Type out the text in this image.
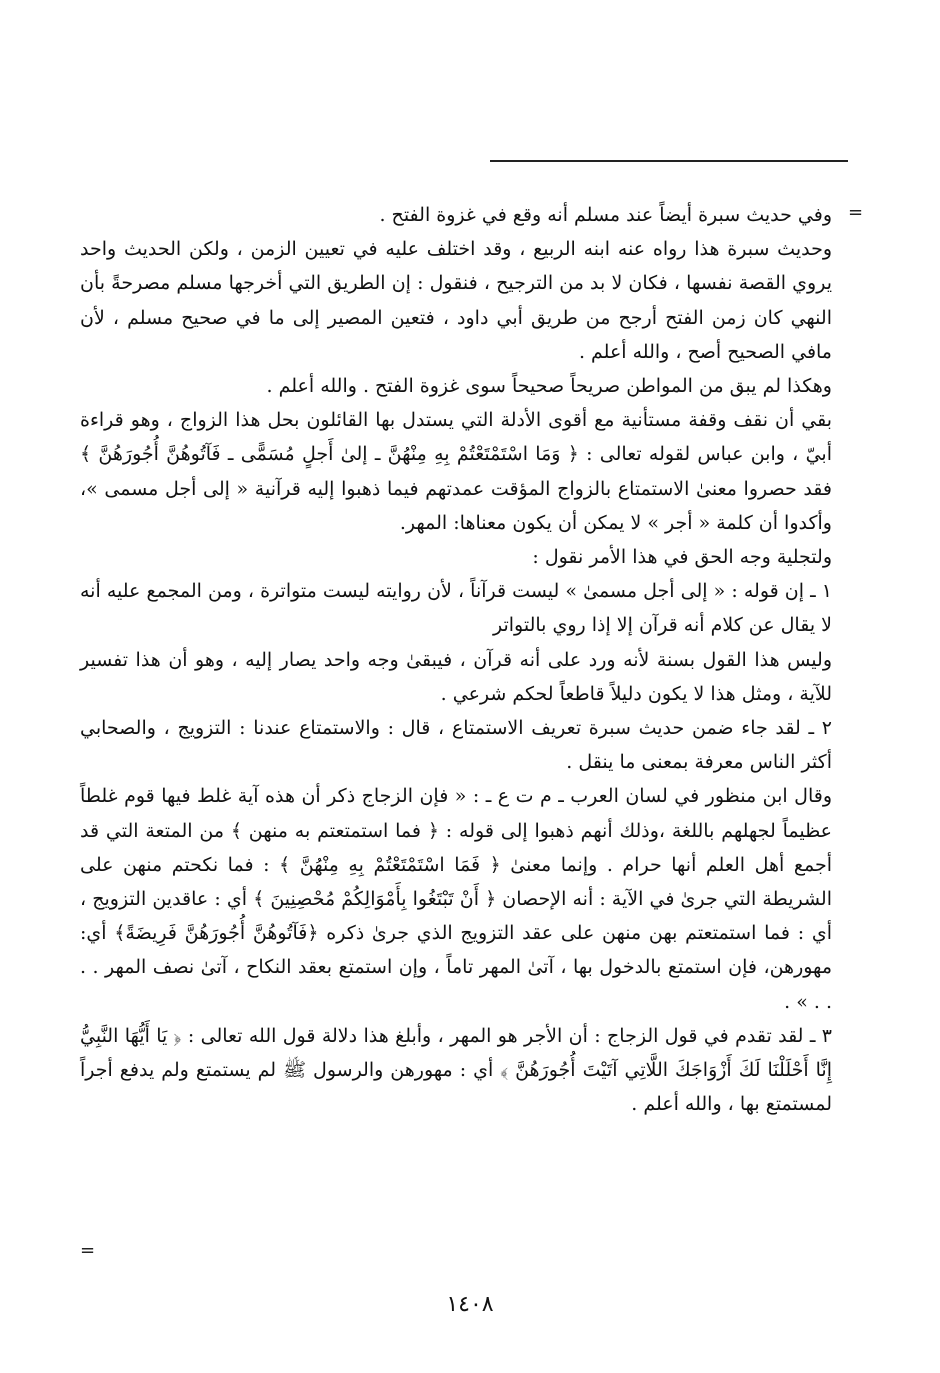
=

وفي حديث سبرة أيضاً عند مسلم أنه وقع في غزوة الفتح .

وحديث سبرة هذا رواه عنه ابنه الربيع ، وقد اختلف عليه في تعيين الزمن ، ولكن الحديث واحد يروي القصة نفسها ، فكان لا بد من الترجيح ، فنقول : إن الطريق التي أخرجها مسلم مصرحةً بأن النهي كان زمن الفتح أرجح من طريق أبي داود ، فتعين المصير إلى ما في صحيح مسلم ، لأن مافي الصحيح أصح ، والله أعلم .

وهكذا لم يبق من المواطن صريحاً صحيحاً سوى غزوة الفتح . والله أعلم .

بقي أن نقف وقفة مستأنية مع أقوى الأدلة التي يستدل بها القائلون بحل هذا الزواج ، وهو قراءة أبيّ ، وابن عباس لقوله تعالى : ﴿ وَمَا اسْتَمْتَعْتُمْ بِهِ مِنْهُنَّ ـ إلىٰ أَجلٍ مُسَمًّى ـ فَآتُوهُنَّ أُجُورَهُنَّ ﴾ فقد حصروا معنىٰ الاستمتاع بالزواج المؤقت عمدتهم فيما ذهبوا إليه قرآنية « إلى أجل مسمى »، وأكدوا أن كلمة « أجر » لا يمكن أن يكون معناها: المهر.

ولتجلية وجه الحق في هذا الأمر نقول :

١ ـ إن قوله : « إلى أجل مسمىٰ » ليست قرآناً ، لأن روايته ليست متواترة ، ومن المجمع عليه أنه لا يقال عن كلام أنه قرآن إلا إذا روي بالتواتر

وليس هذا القول بسنة لأنه ورد على أنه قرآن ، فيبقىٰ وجه واحد يصار إليه ، وهو أن هذا تفسير للآية ، ومثل هذا لا يكون دليلاً قاطعاً لحكم شرعي .

٢ ـ لقد جاء ضمن حديث سبرة تعريف الاستمتاع ، قال : والاستمتاع عندنا : التزويج ، والصحابي أكثر الناس معرفة بمعنى ما ينقل .

وقال ابن منظور في لسان العرب ـ م ت ع ـ : « فإن الزجاج ذكر أن هذه آية غلط فيها قوم غلطاً عظيماً لجهلهم باللغة ،وذلك أنهم ذهبوا إلى قوله : ﴿ فما استمتعتم به منهن ﴾ من المتعة التي قد أجمع أهل العلم أنها حرام . وإنما معنىٰ ﴿ فَمَا اسْتَمْتَعْتُمْ بِهِ مِنْهُنَّ ﴾ : فما نكحتم منهن على الشريطة التي جرىٰ في الآية : أنه الإحصان ﴿ أَنْ تَبْتَغُوا بِأَمْوَالِكُمْ مُحْصِنِينَ ﴾ أي : عاقدين التزويج ، أي : فما استمتعتم بهن منهن على عقد التزويج الذي جرىٰ ذكره ﴿فَآتُوهُنَّ أُجُورَهُنَّ فَرِيضَةً﴾ أي: مهورهن، فإن استمتع بالدخول بها ، آتىٰ المهر تاماً ، وإن استمتع بعقد النكاح ، آتىٰ نصف المهر . . . . » .

٣ ـ لقد تقدم في قول الزجاج : أن الأجر هو المهر ، وأبلغ هذا دلالة قول الله تعالى : ﴿ يَا أَيُّهَا النَّبِيُّ إِنَّا أَحْلَلْنَا لَكَ أَزْوَاجَكَ اللَّاتِي آتَيْتَ أُجُورَهُنَّ ﴾ أي : مهورهن والرسول ﷺ لم يستمتع ولم يدفع أجراً لمستمتع بها ، والله أعلم .

=
١٤٠٨
